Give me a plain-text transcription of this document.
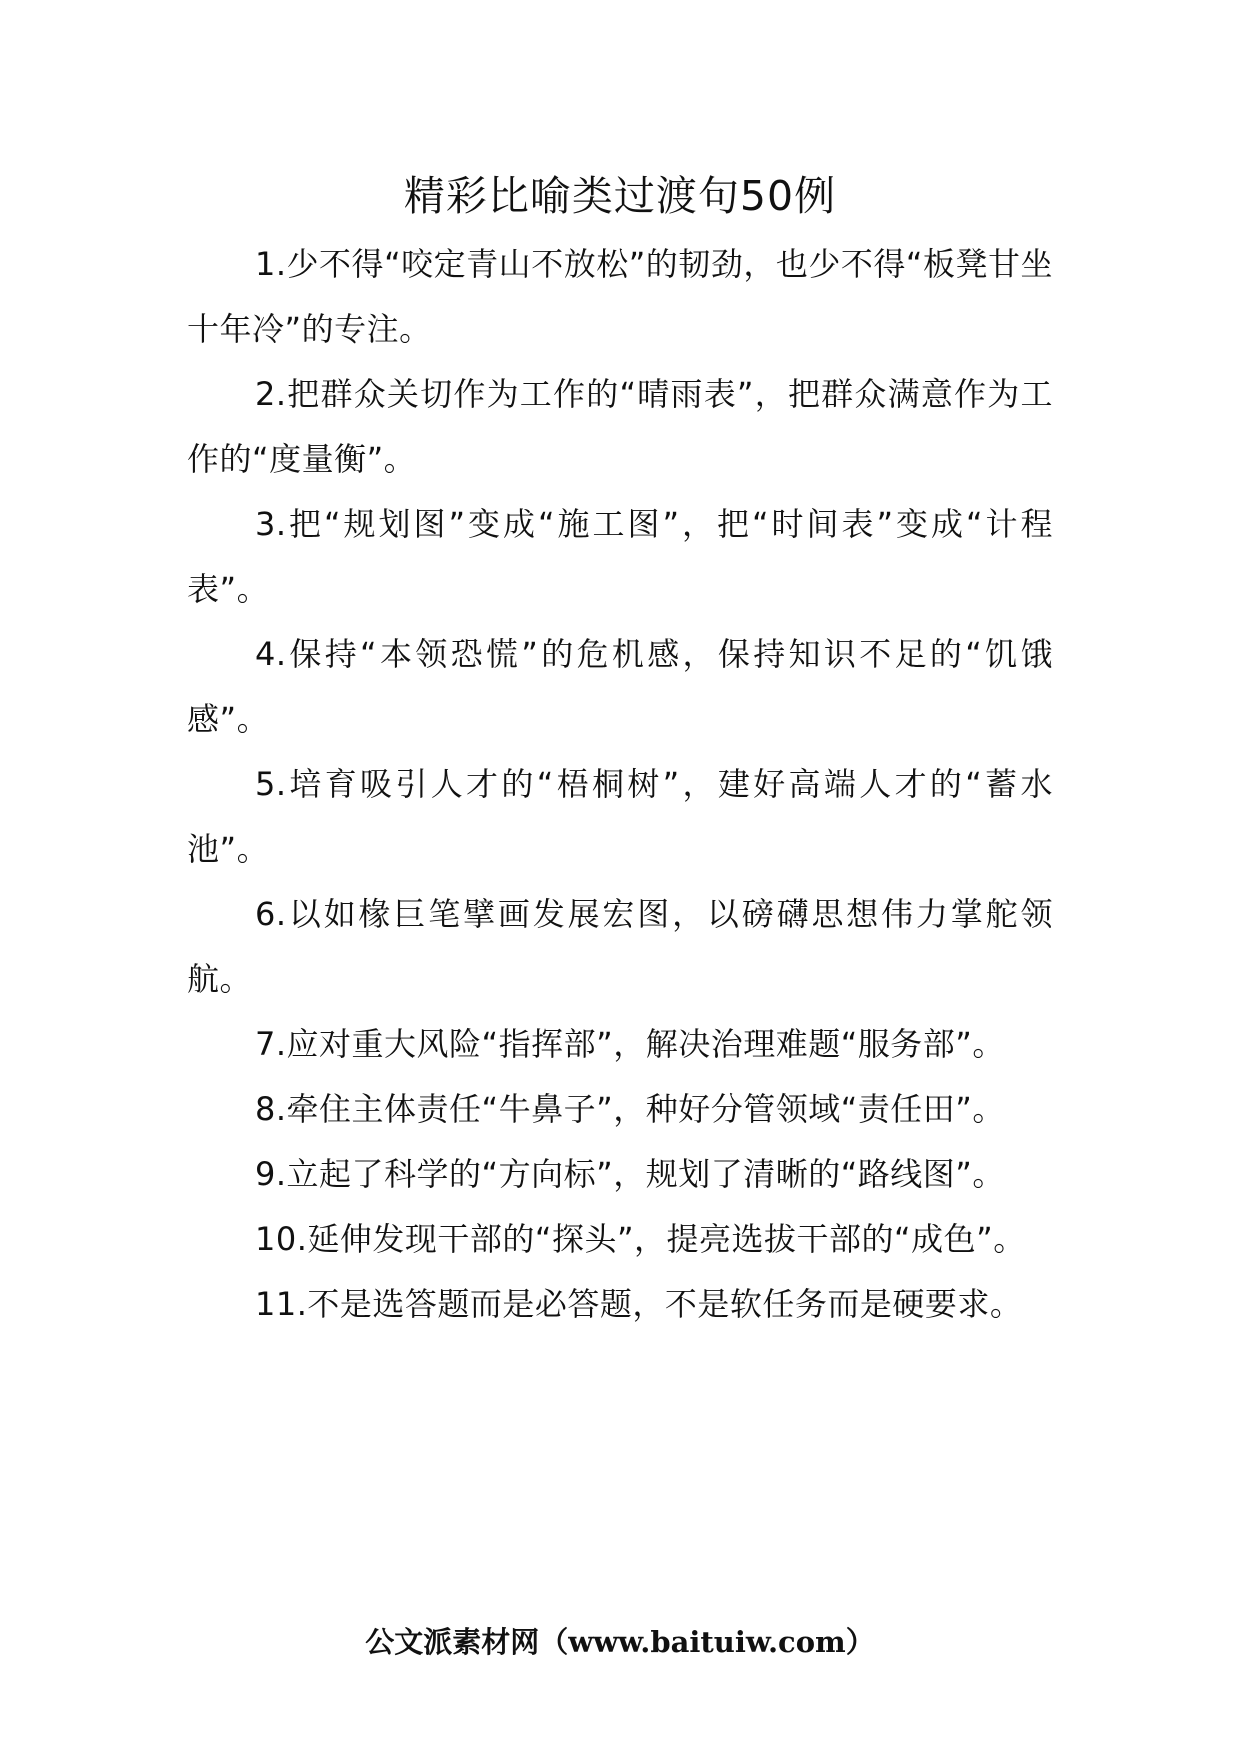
精彩比喻类过渡句50例

1.少不得“咬定青山不放松”的韧劲，也少不得“板凳甘坐十年冷”的专注。

2.把群众关切作为工作的“晴雨表”，把群众满意作为工作的“度量衡”。

3.把“规划图”变成“施工图”，把“时间表”变成“计程表”。

4.保持“本领恐慌”的危机感，保持知识不足的“饥饿感”。

5.培育吸引人才的“梧桐树”，建好高端人才的“蓄水池”。

6.以如椽巨笔擘画发展宏图，以磅礴思想伟力掌舵领航。

7.应对重大风险“指挥部”，解决治理难题“服务部”。

8.牵住主体责任“牛鼻子”，种好分管领域“责任田”。

9.立起了科学的“方向标”，规划了清晰的“路线图”。

10.延伸发现干部的“探头”，提亮选拔干部的“成色”。

11.不是选答题而是必答题，不是软任务而是硬要求。

公文派素材网（www.baituiw.com）
